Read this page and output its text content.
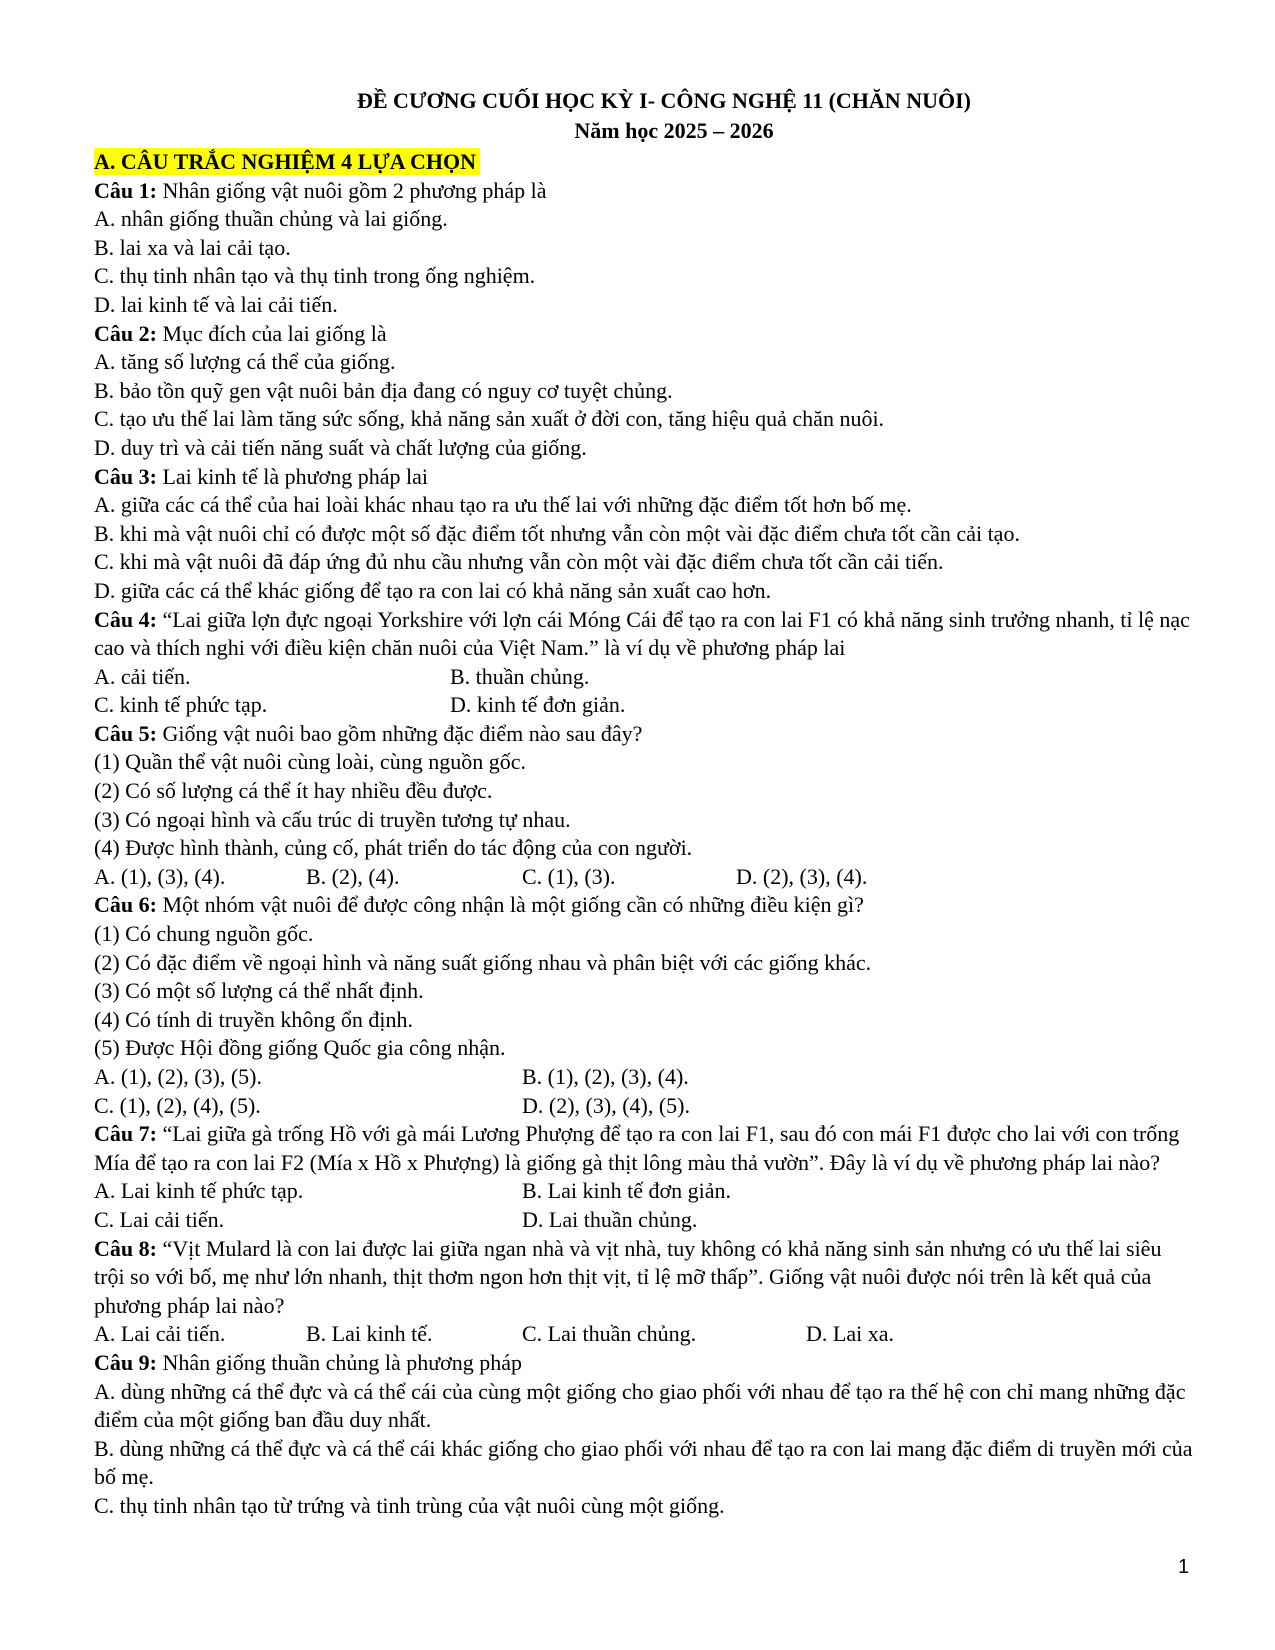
ĐỀ CƯƠNG CUỐI HỌC KỲ I- CÔNG NGHỆ 11 (CHĂN NUÔI)
Năm học 2025 – 2026
A. CÂU TRẮC NGHIỆM 4 LỰA CHỌN

Câu 1: Nhân giống vật nuôi gồm 2 phương pháp là

A. nhân giống thuần chủng và lai giống.

B. lai xa và lai cải tạo.

C. thụ tinh nhân tạo và thụ tinh trong ống nghiệm.

D. lai kinh tế và lai cải tiến.

Câu 2: Mục đích của lai giống là

A. tăng số lượng cá thể của giống.

B. bảo tồn quỹ gen vật nuôi bản địa đang có nguy cơ tuyệt chủng.

C. tạo ưu thế lai làm tăng sức sống, khả năng sản xuất ở đời con, tăng hiệu quả chăn nuôi.

D. duy trì và cải tiến năng suất và chất lượng của giống.

Câu 3: Lai kinh tế là phương pháp lai

A. giữa các cá thể của hai loài khác nhau tạo ra ưu thế lai với những đặc điểm tốt hơn bố mẹ.

B. khi mà vật nuôi chỉ có được một số đặc điểm tốt nhưng vẫn còn một vài đặc điểm chưa tốt cần cải tạo.

C. khi mà vật nuôi đã đáp ứng đủ nhu cầu nhưng vẫn còn một vài đặc điểm chưa tốt cần cải tiến.

D. giữa các cá thể khác giống để tạo ra con lai có khả năng sản xuất cao hơn.

Câu 4: “Lai giữa lợn đực ngoại Yorkshire với lợn cái Móng Cái để tạo ra con lai F1 có khả năng sinh trưởng nhanh, tỉ lệ nạc cao và thích nghi với điều kiện chăn nuôi của Việt Nam.” là ví dụ về phương pháp lai

A. cải tiến.	B. thuần chủng.
C. kinh tế phức tạp.	D. kinh tế đơn giản.

Câu 5: Giống vật nuôi bao gồm những đặc điểm nào sau đây?

(1) Quần thể vật nuôi cùng loài, cùng nguồn gốc.

(2) Có số lượng cá thể ít hay nhiều đều được.

(3) Có ngoại hình và cấu trúc di truyền tương tự nhau.

(4) Được hình thành, củng cố, phát triển do tác động của con người.

A. (1), (3), (4).	B. (2), (4).	C. (1), (3).	D. (2), (3), (4).

Câu 6: Một nhóm vật nuôi để được công nhận là một giống cần có những điều kiện gì?

(1) Có chung nguồn gốc.

(2) Có đặc điểm về ngoại hình và năng suất giống nhau và phân biệt với các giống khác.

(3) Có một số lượng cá thể nhất định.

(4) Có tính di truyền không ổn định.

(5) Được Hội đồng giống Quốc gia công nhận.

A. (1), (2), (3), (5).	B. (1), (2), (3), (4).
C. (1), (2), (4), (5).	D. (2), (3), (4), (5).

Câu 7: “Lai giữa gà trống Hồ với gà mái Lương Phượng để tạo ra con lai F1, sau đó con mái F1 được cho lai với con trống Mía để tạo ra con lai F2 (Mía x Hồ x Phượng) là giống gà thịt lông màu thả vườn”. Đây là ví dụ về phương pháp lai nào?

A. Lai kinh tế phức tạp.	B. Lai kinh tế đơn giản.
C. Lai cải tiến.	D. Lai thuần chủng.

Câu 8: “Vịt Mulard là con lai được lai giữa ngan nhà và vịt nhà, tuy không có khả năng sinh sản nhưng có ưu thế lai siêu trội so với bố, mẹ như lớn nhanh, thịt thơm ngon hơn thịt vịt, tỉ lệ mỡ thấp”. Giống vật nuôi được nói trên là kết quả của phương pháp lai nào?

A. Lai cải tiến.	B. Lai kinh tế.	C. Lai thuần chủng.	D. Lai xa.

Câu 9: Nhân giống thuần chủng là phương pháp

A. dùng những cá thể đực và cá thể cái của cùng một giống cho giao phối với nhau để tạo ra thế hệ con chỉ mang những đặc điểm của một giống ban đầu duy nhất.

B. dùng những cá thể đực và cá thể cái khác giống cho giao phối với nhau để tạo ra con lai mang đặc điểm di truyền mới của bố mẹ.

C. thụ tinh nhân tạo từ trứng và tinh trùng của vật nuôi cùng một giống.

1
